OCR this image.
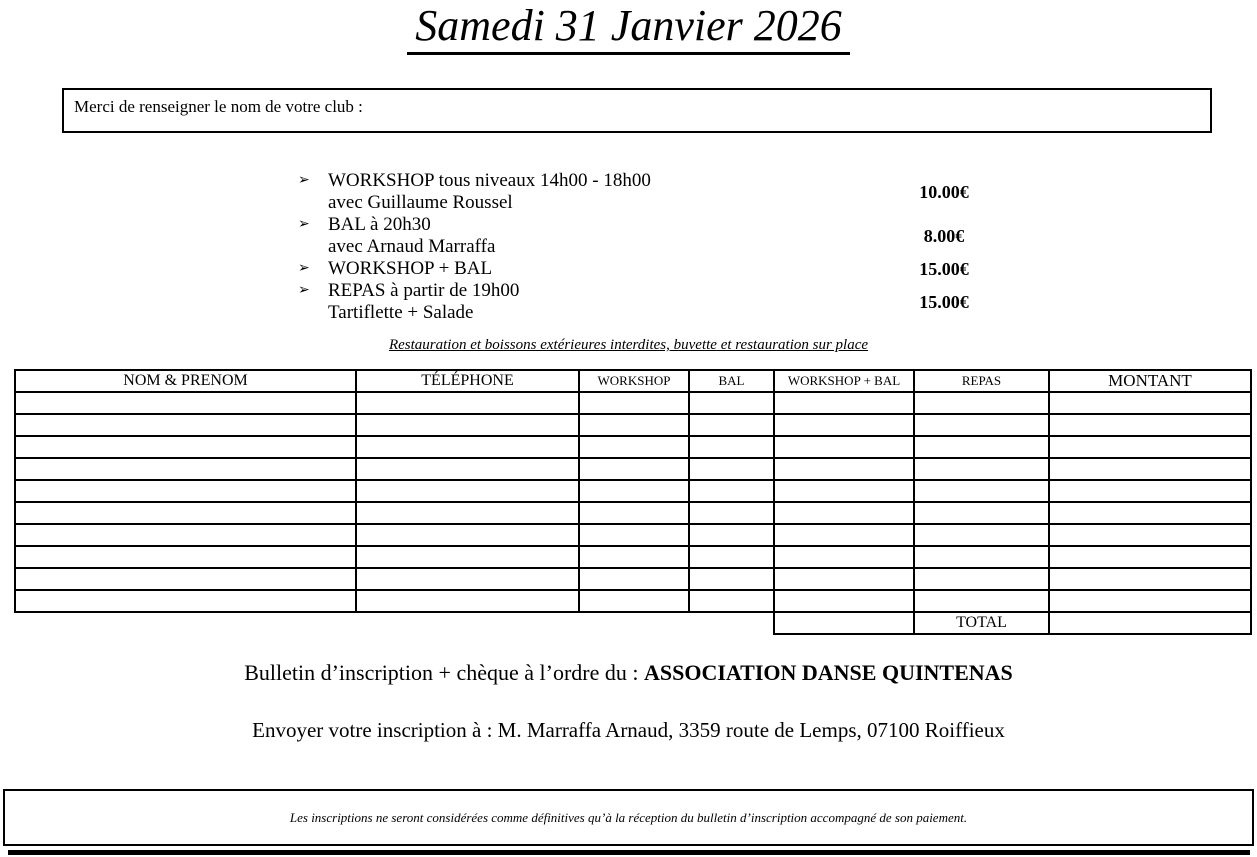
Samedi 31 Janvier 2026
Merci de renseigner le nom de votre club :
➢ WORKSHOP tous niveaux 14h00 - 18h00
avec Guillaume Roussel
10.00€
➢ BAL à 20h30
avec Arnaud Marraffa
8.00€
➢ WORKSHOP + BAL	15.00€
➢ REPAS à partir de 19h00
Tartiflette + Salade
15.00€
Restauration et boissons extérieures interdites, buvette et restauration sur place
NOM & PRENOM	TÉLÉPHONE	WORKSHOP	BAL	WORKSHOP + BAL	REPAS	MONTANT

					TOTAL	
Bulletin d’inscription + chèque à l’ordre du : ASSOCIATION DANSE QUINTENAS
Envoyer votre inscription à : M. Marraffa Arnaud, 3359 route de Lemps, 07100 Roiffieux
Les inscriptions ne seront considérées comme définitives qu’à la réception du bulletin d’inscription accompagné de son paiement.
